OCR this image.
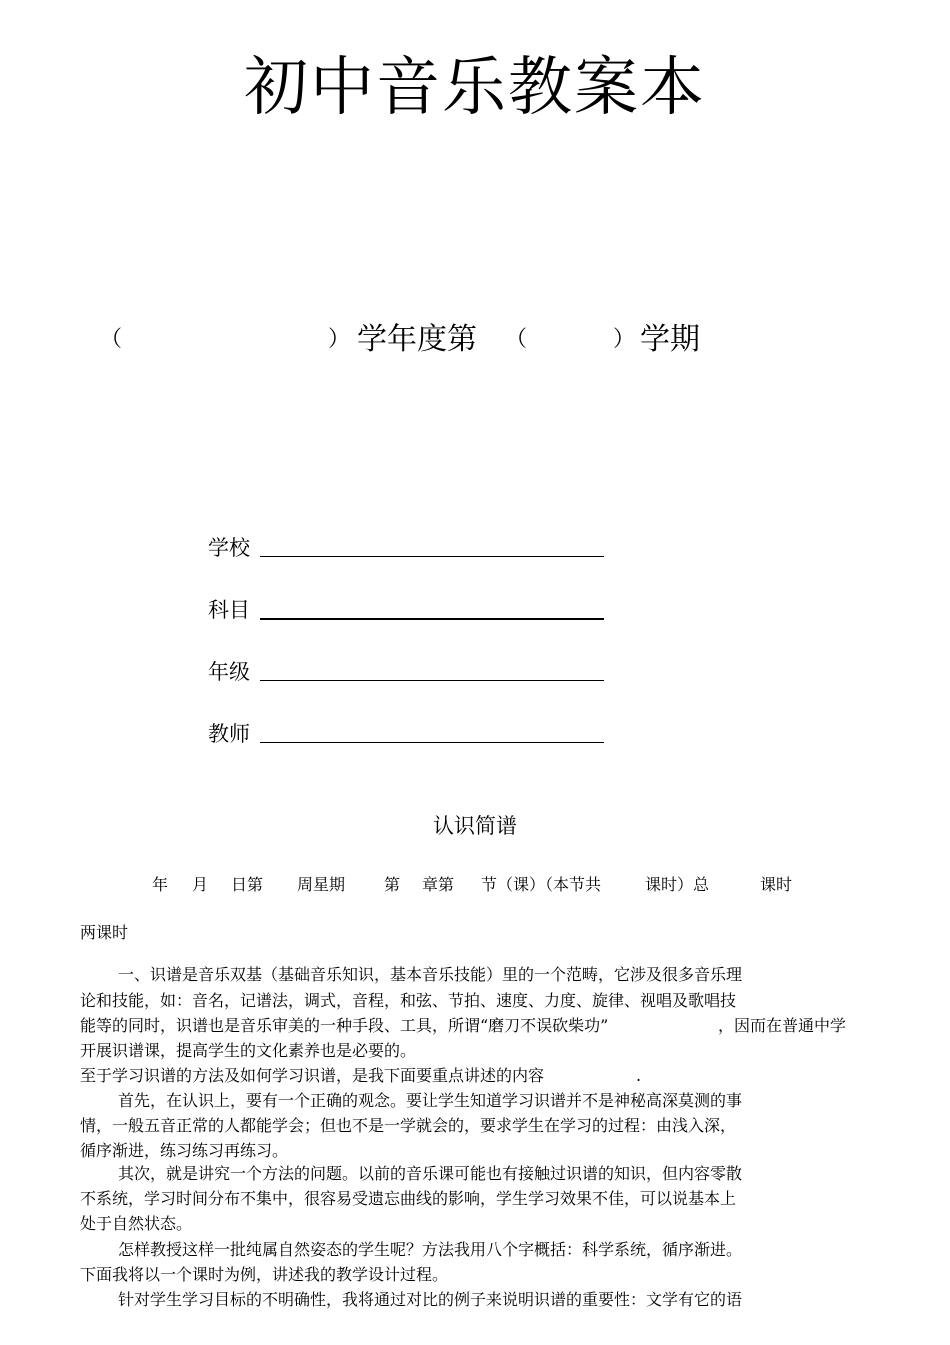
初中音乐教案本
（	） 学年度第 （	） 学期
学校
科目
年级
教师
认识简谱
年 月 日第 周星期 第 章第 节（课）（本节共	课时）总	课时
两课时
一、识谱是音乐双基（基础音乐知识，基本音乐技能）里的一个范畴，它涉及很多音乐理
论和技能，如：音名，记谱法，调式，音程，和弦、节拍、速度、力度、旋律、视唱及歌唱技
能等的同时，识谱也是音乐审美的一种手段、工具，所谓“磨刀不误砍柴功”	，因而在普通中学
开展识谱课，提高学生的文化素养也是必要的。
至于学习识谱的方法及如何学习识谱，是我下面要重点讲述的内容	.
首先，在认识上，要有一个正确的观念。要让学生知道学习识谱并不是神秘高深莫测的事
情，一般五音正常的人都能学会；但也不是一学就会的，要求学生在学习的过程：由浅入深，
循序渐进，练习练习再练习。
其次，就是讲究一个方法的问题。以前的音乐课可能也有接触过识谱的知识，但内容零散
不系统，学习时间分布不集中，很容易受遗忘曲线的影响，学生学习效果不佳，可以说基本上
处于自然状态。
怎样教授这样一批纯属自然姿态的学生呢？方法我用八个字概括：科学系统，循序渐进。
下面我将以一个课时为例，讲述我的教学设计过程。
针对学生学习目标的不明确性，我将通过对比的例子来说明识谱的重要性：文学有它的语
